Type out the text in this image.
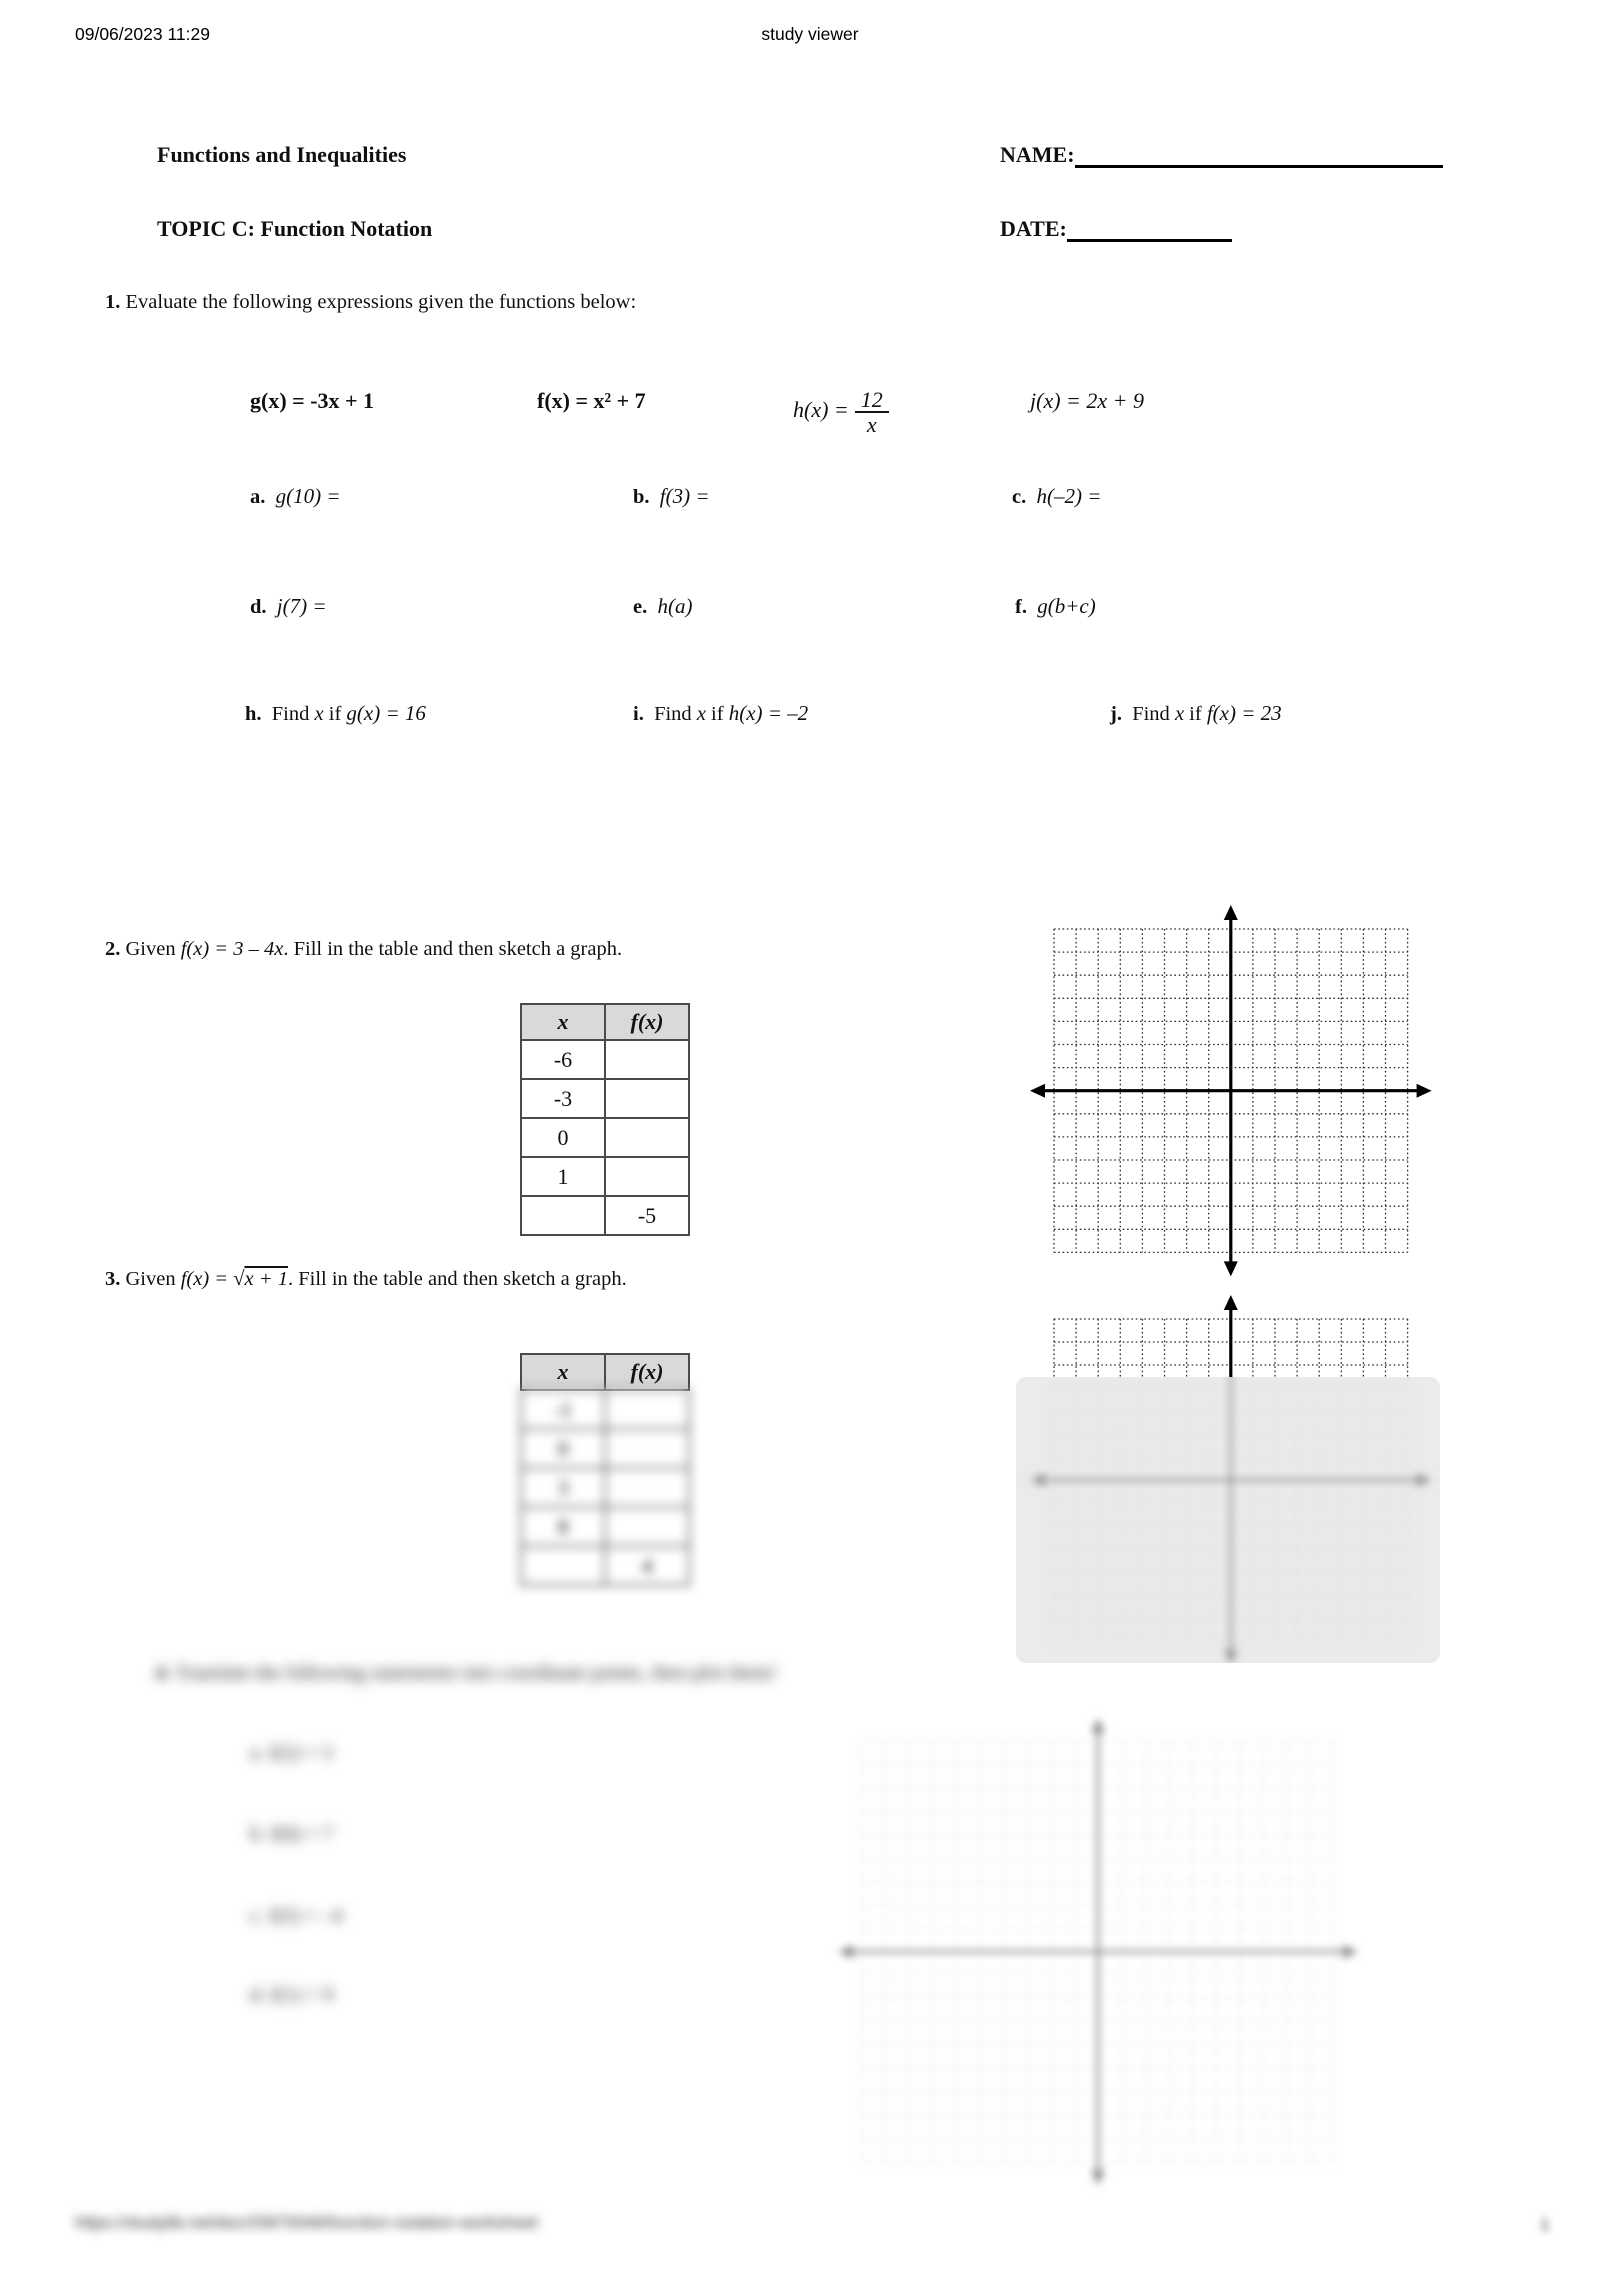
09/06/2023 11:29	study viewer
Functions and Inequalities	NAME:
TOPIC C: Function Notation	DATE:
1. Evaluate the following expressions given the functions below:
g(x) = -3x + 1	f(x) = x² + 7	$h(x) = \frac{12}{x}$	j(x) = 2x + 9
a. g(10) =	b. f(3) =	c. h(–2) =
d. j(7) =	e. h(a)	f. g(b+c)
h. Find x if g(x) = 16	i. Find x if h(x) = –2	j. Find x if f(x) = 23
2. Given f(x) = 3 – 4x. Fill in the table and then sketch a graph.
x	f(x)
-6	
-3	
0	
1	
	-5
3. Given f(x) = √x + 1. Fill in the table and then sketch a graph.
x	f(x)
-1	
0	
3	
8	
	4
4. Translate the following statements into coordinate points, then plot them!
a. f(2) = 3
b. f(0) = 7
c. f(5) = –4
d. f(1) = 9
https://studylib.net/doc/25879346/function-notation-worksheet	1
